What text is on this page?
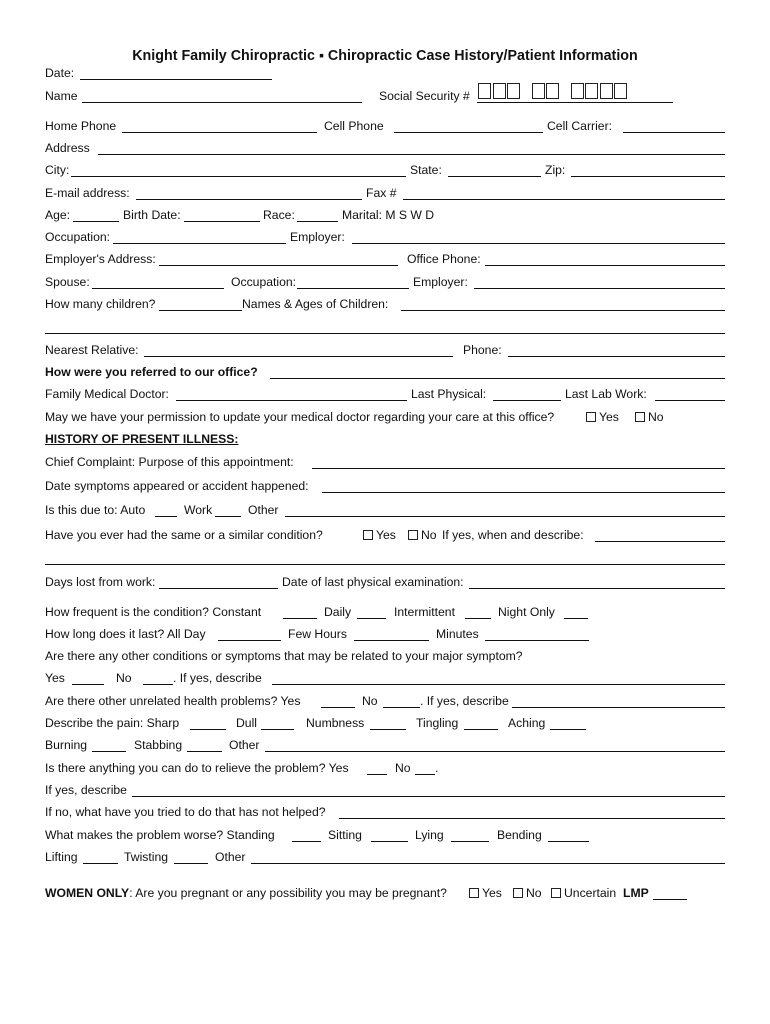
Knight Family Chiropractic ▪ Chiropractic Case History/Patient Information
Date:
Name	Social Security #
Home Phone	Cell Phone	Cell Carrier:
Address
City:	State:	Zip:
E-mail address:	Fax #
Age:	Birth Date:	Race:	Marital: M S W D
Occupation:	Employer:
Employer's Address:	Office Phone:
Spouse:	Occupation:	Employer:
How many children?	Names & Ages of Children:
Nearest Relative:	Phone:
How were you referred to our office?
Family Medical Doctor:	Last Physical:	Last Lab Work:
May we have your permission to update your medical doctor regarding your care at this office?	Yes	No
HISTORY OF PRESENT ILLNESS:
Chief Complaint: Purpose of this appointment:
Date symptoms appeared or accident happened:
Is this due to: Auto	Work	Other
Have you ever had the same or a similar condition?	Yes	No If yes, when and describe:
Days lost from work:	Date of last physical examination:
How frequent is the condition? Constant	Daily	Intermittent	Night Only
How long does it last? All Day	Few Hours	Minutes
Are there any other conditions or symptoms that may be related to your major symptom?
Yes	No	. If yes, describe
Are there other unrelated health problems? Yes	No	. If yes, describe
Describe the pain: Sharp	Dull	Numbness	Tingling	Aching
Burning	Stabbing	Other
Is there anything you can do to relieve the problem? Yes	No .
If yes, describe
If no, what have you tried to do that has not helped?
What makes the problem worse? Standing	Sitting	Lying	Bending
Lifting	Twisting	Other
WOMEN ONLY: Are you pregnant or any possibility you may be pregnant?	Yes	No	Uncertain LMP
